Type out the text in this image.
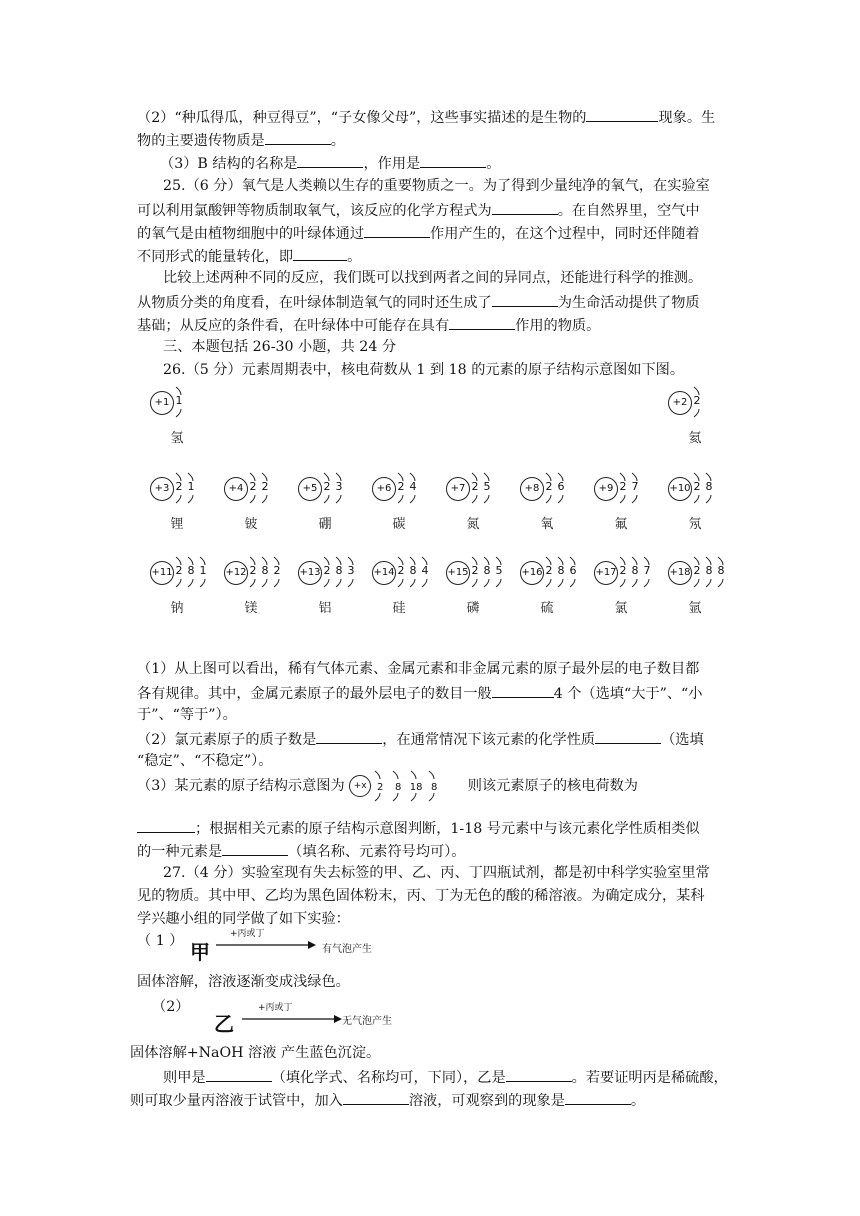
（2）“种瓜得瓜，种豆得豆”，“子女像父母”，这些事实描述的是生物的	现象。生
物的主要遗传物质是	。
（3）B 结构的名称是	，作用是	。
25.（6 分）氧气是人类赖以生存的重要物质之一。为了得到少量纯净的氧气，在实验室
可以利用氯酸钾等物质制取氧气，该反应的化学方程式为	。在自然界里，空气中
的氧气是由植物细胞中的叶绿体通过	作用产生的，在这个过程中，同时还伴随着
不同形式的能量转化，即	。
比较上述两种不同的反应，我们既可以找到两者之间的异同点，还能进行科学的推测。
从物质分类的角度看，在叶绿体制造氧气的同时还生成了	为生命活动提供了物质
基础；从反应的条件看，在叶绿体中可能存在具有	作用的物质。
三、本题包括 26-30 小题，共 24 分
26.（5 分）元素周期表中，核电荷数从 1 到 18 的元素的原子结构示意图如下图。
+1 1
氢
+2 2
氦
+3 2 1
锂
+4 2 2
铍
+5 2 3
硼
+6 2 4
碳
+7 2 5
氮
+8 2 6
氧
+9 2 7
氟
+10 2 8
氖
+11 2 8 1
钠
+12 2 8 2
镁
+13 2 8 3
铝
+14 2 8 4
硅
+15 2 8 5
磷
+16 2 8 6
硫
+17 2 8 7
氯
+18 2 8 8
氩
（1）从上图可以看出，稀有气体元素、金属元素和非金属元素的原子最外层的电子数目都
各有规律。其中，金属元素原子的最外层电子的数目一般	4 个（选填“大于”、“小
于”、“等于”）。
（2）氯元素原子的质子数是	，在通常情况下该元素的化学性质	（选填
“稳定”、“不稳定”）。
（3）某元素的原子结构示意图为	+x	2	8 18 8 则该元素原子的核电荷数为
；根据相关元素的原子结构示意图判断，1-18 号元素中与该元素化学性质相类似
的一种元素是	（填名称、元素符号均可）。
27.（4 分）实验室现有失去标签的甲、乙、丙、丁四瓶试剂，都是初中科学实验室里常
见的物质。其中甲、乙均为黑色固体粉末，丙、丁为无色的酸的稀溶液。为确定成分，某科
学兴趣小组的同学做了如下实验：
（ 1 ） 甲
+丙或丁
有气泡产生
固体溶解，溶液逐渐变成浅绿色。
（2）
乙
+丙或丁
无气泡产生
固体溶解+NaOH 溶液 产生蓝色沉淀。
则甲是	（填化学式、名称均可，下同），乙是	。若要证明丙是稀硫酸，
则可取少量丙溶液于试管中，加入	溶液，可观察到的现象是	。
